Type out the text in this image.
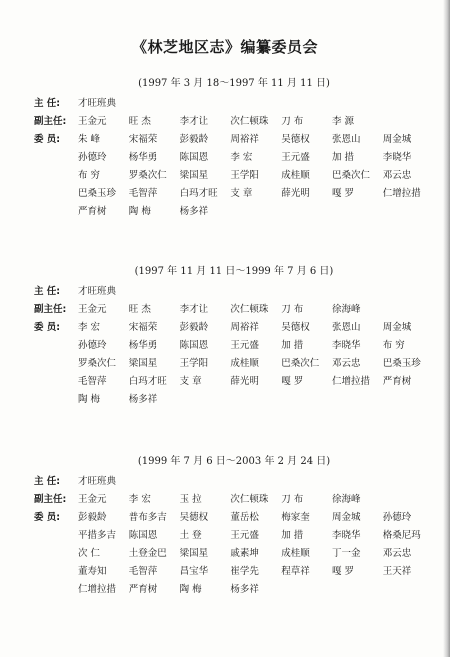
《林芝地区志》编纂委员会
(1997 年 3 月 18～1997 年 11 月 11 日)
主 任:	才旺班典
副主任:	王金元	旺 杰	李才让	次仁顿珠	刀 布	李 源
委 员:	朱 峰	宋福荣	彭毅龄	周裕祥	吴德权	张恩山	周金城
孙德玲	杨华勇	陈国恩	李 宏	王元盛	加 措	李晓华
布 穷	罗桑次仁	梁国星	王学阳	成桂顺	巴桑次仁	邓云忠
巴桑玉珍	毛智萍	白玛才旺	支 章	薛光明	嘎 罗	仁增拉措
严育树	陶 梅	杨多祥
(1997 年 11 月 11 日～1999 年 7 月 6 日)
主 任:	才旺班典
副主任:	王金元	旺 杰	李才让	次仁顿珠	刀 布	徐海峰
委 员:	李 宏	宋福荣	彭毅龄	周裕祥	吴德权	张恩山	周金城
孙德玲	杨华勇	陈国恩	王元盛	加 措	李晓华	布 穷
罗桑次仁	梁国星	王学阳	成桂顺	巴桑次仁	邓云忠	巴桑玉珍
毛智萍	白玛才旺	支 章	薛光明	嘎 罗	仁增拉措	严育树
陶 梅	杨多祥
(1999 年 7 月 6 日～2003 年 2 月 24 日)
主 任:	才旺班典
副主任:	王金元	李 宏	玉 拉	次仁顿珠	刀 布	徐海峰
委 员:	彭毅龄	普布多吉	吴德权	董岳松	梅家奎	周金城	孙德玲
平措多吉	陈国恩	土 登	王元盛	加 措	李晓华	格桑尼玛
次 仁	土登金巴	梁国星	戚素坤	成桂顺	丁一金	邓云忠
董寿知	毛智萍	昌宝华	崔学先	程草祥	嘎 罗	王天祥
仁增拉措	严育树	陶 梅	杨多祥
